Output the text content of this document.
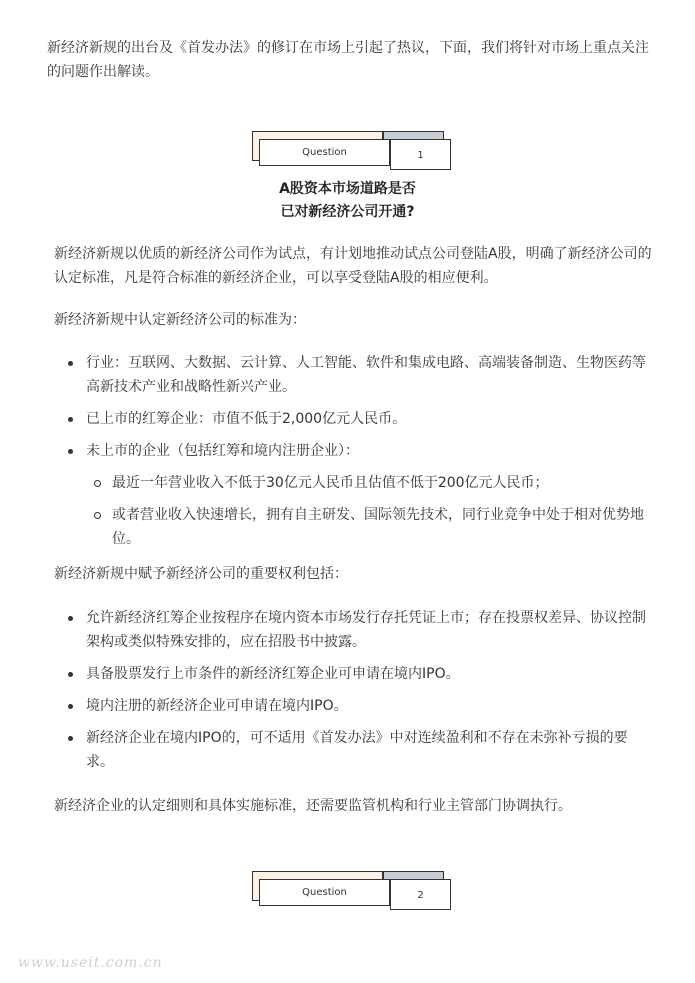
新经济新规的出台及《首发办法》的修订在市场上引起了热议，下面，我们将针对市场上重点关注的问题作出解读。

Question	1
A股资本市场道路是否
已对新经济公司开通?

新经济新规以优质的新经济公司作为试点，有计划地推动试点公司登陆A股，明确了新经济公司的认定标准，凡是符合标准的新经济企业，可以享受登陆A股的相应便利。

新经济新规中认定新经济公司的标准为：

行业：互联网、大数据、云计算、人工智能、软件和集成电路、高端装备制造、生物医药等高新技术产业和战略性新兴产业。
已上市的红筹企业：市值不低于2,000亿元人民币。
未上市的企业（包括红筹和境内注册企业）：
最近一年营业收入不低于30亿元人民币且估值不低于200亿元人民币；
或者营业收入快速增长，拥有自主研发、国际领先技术，同行业竞争中处于相对优势地位。

新经济新规中赋予新经济公司的重要权利包括：

允许新经济红筹企业按程序在境内资本市场发行存托凭证上市；存在投票权差异、协议控制架构或类似特殊安排的，应在招股书中披露。
具备股票发行上市条件的新经济红筹企业可申请在境内IPO。
境内注册的新经济企业可申请在境内IPO。
新经济企业在境内IPO的，可不适用《首发办法》中对连续盈利和不存在未弥补亏损的要求。

新经济企业的认定细则和具体实施标准，还需要监管机构和行业主管部门协调执行。

Question	2
www.useit.com.cn
